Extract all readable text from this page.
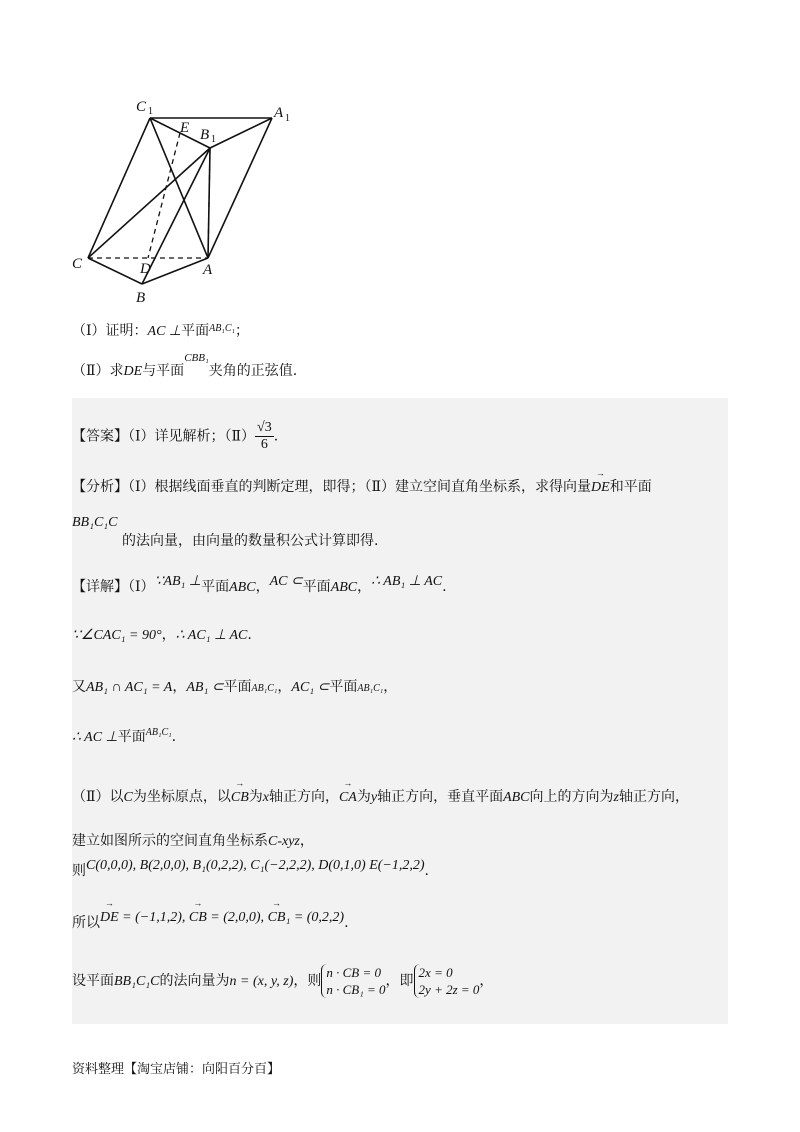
C 1	A 1
B 1
E
C	D	A
B
（Ⅰ）证明：AC ⊥平面$^{AB_1C_1}$；
（Ⅱ）求DE与平面$^{CBB_1}$夹角的正弦值.
【答案】（Ⅰ）详见解析；（Ⅱ） $\frac{√3}{6}$ .
【分析】（Ⅰ）根据线面垂直的判断定理，即得；（Ⅱ）建立空间直角坐标系，求得向量→ DE和平面
BB₁C₁C
的法向量，由向量的数量积公式计算即得.
【详解】（Ⅰ）∵AB₁ ⊥平面ABC，AC ⊂平面ABC，∴ AB₁ ⊥ AC.
∵∠CAC₁ = 90°，∴ AC₁ ⊥ AC.
又AB₁ ∩ AC₁ = A，AB₁ ⊂平面AB₁C₁，AC₁ ⊂平面AB₁C₁，
∴ AC ⊥平面$^{AB_1C_1}$.
（Ⅱ）以C为坐标原点，以→ CB为x轴正方向，→ CA为y轴正方向，垂直平面ABC向上的方向为z轴正方向，
建立如图所示的空间直角坐标系C-xyz，
则C(0,0,0), B(2,0,0), B₁(0,2,2), C₁(−2,2,2), D(0,1,0) E(−1,2,2).
所以→ DE = (−1,1,2), → CB = (2,0,0), → CB₁ = (0,2,2).
设平面BB₁C₁C的法向量为n = (x, y, z)，则
n · CB = 0
n · CB₁ = 0
，即
2x = 0
2y + 2z = 0
，
资料整理【淘宝店铺：向阳百分百】
